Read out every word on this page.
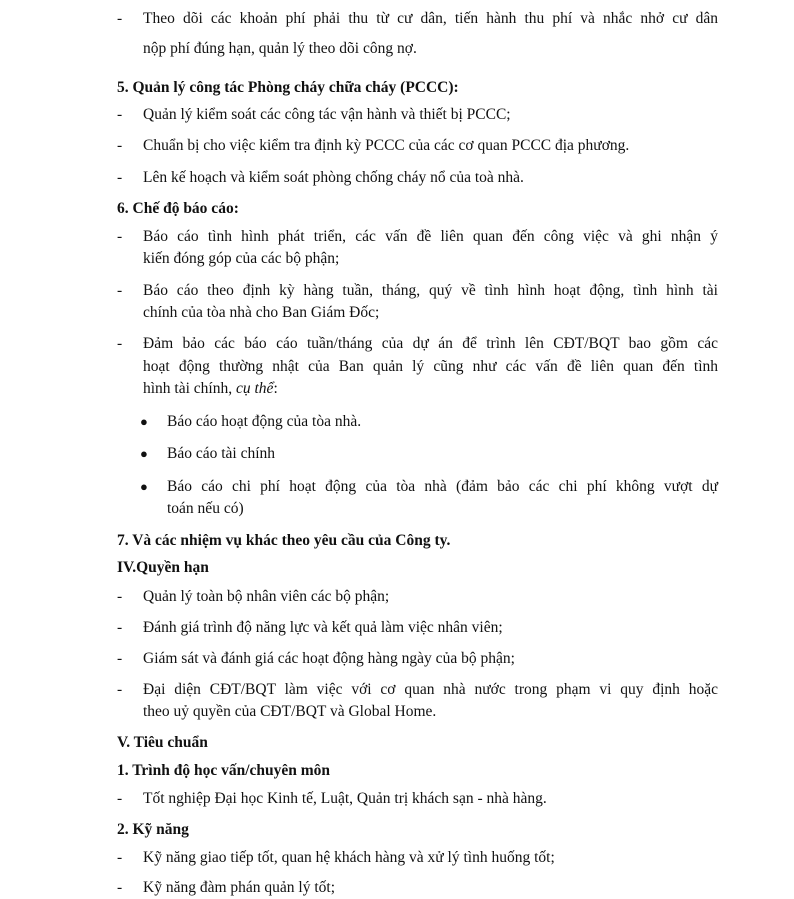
- Theo dõi các khoản phí phải thu từ cư dân, tiến hành thu phí và nhắc nhở cư dân
nộp phí đúng hạn, quản lý theo dõi công nợ.
5. Quản lý công tác Phòng cháy chữa cháy (PCCC):
- Quản lý kiểm soát các công tác vận hành và thiết bị PCCC;
- Chuẩn bị cho việc kiểm tra định kỳ PCCC của các cơ quan PCCC địa phương.
- Lên kế hoạch và kiểm soát phòng chống cháy nổ của toà nhà.
6. Chế độ báo cáo:
- Báo cáo tình hình phát triển, các vấn đề liên quan đến công việc và ghi nhận ý
kiến đóng góp của các bộ phận;
- Báo cáo theo định kỳ hàng tuần, tháng, quý về tình hình hoạt động, tình hình tài
chính của tòa nhà cho Ban Giám Đốc;
- Đảm bảo các báo cáo tuần/tháng của dự án để trình lên CĐT/BQT bao gồm các
hoạt động thường nhật của Ban quản lý cũng như các vấn đề liên quan đến tình
hình tài chính, cụ thể:
● Báo cáo hoạt động của tòa nhà.
● Báo cáo tài chính
● Báo cáo chi phí hoạt động của tòa nhà (đảm bảo các chi phí không vượt dự
toán nếu có)
7. Và các nhiệm vụ khác theo yêu cầu của Công ty.
IV.Quyền hạn
- Quản lý toàn bộ nhân viên các bộ phận;
- Đánh giá trình độ năng lực và kết quả làm việc nhân viên;
- Giám sát và đánh giá các hoạt động hàng ngày của bộ phận;
- Đại diện CĐT/BQT làm việc với cơ quan nhà nước trong phạm vi quy định hoặc
theo uỷ quyền của CĐT/BQT và Global Home.
V. Tiêu chuẩn
1. Trình độ học vấn/chuyên môn
- Tốt nghiệp Đại học Kinh tế, Luật, Quản trị khách sạn - nhà hàng.
2. Kỹ năng
- Kỹ năng giao tiếp tốt, quan hệ khách hàng và xử lý tình huống tốt;
- Kỹ năng đàm phán quản lý tốt;
